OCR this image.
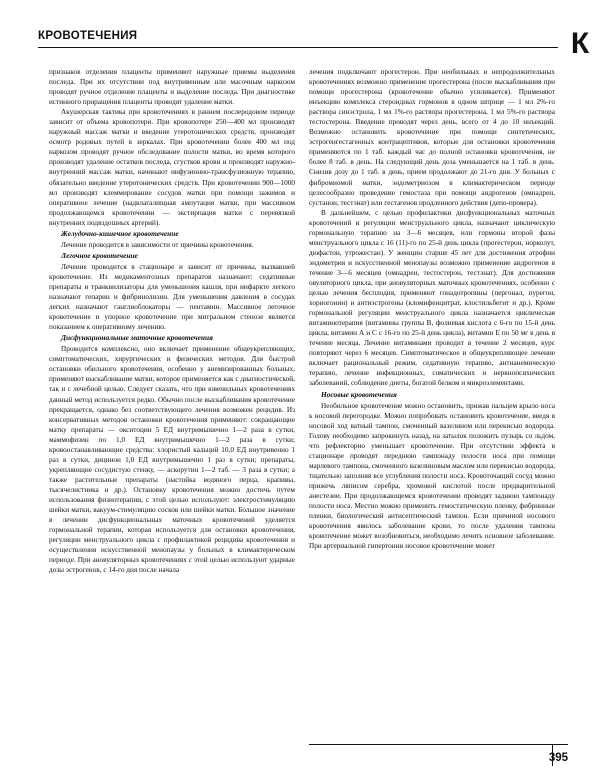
КРОВОТЕЧЕНИЯ	К

признаков отделения плаценты применяют наружные приемы выделения последа. При их отсутствии под внутривенным или масочным наркозом проводят ручное отделение плаценты и выделение последа. При диагностике истинного приращения плаценты проводят удаление матки.

Акушерская тактика при кровотечениях в раннем послеродовом периоде зависит от объема кровопотери. При кровопотере 250—400 мл производят наружный массаж матки и введение утеротонических средств, производят осмотр родовых путей в зеркалах. При кровотечении более 400 мл под наркозом проводят ручное обследование полости матки, во время которого производят удаление остатков последа, сгустков крови и производят наружно-внутренний массаж матки, начинают инфузионно-трансфузионную терапию, обязательно введение утеротонических средств. При кровотечении 900—1000 мл производят клеммирование сосудов матки при помощи зажимов и оперативное лечение (надвлагалищная ампутация матки, при массивном продолжающемся кровотечении — экстирпация матки с перевязкой внутренних подвздошных артерий).

Желудочно-кишечное кровотечение

Лечение проводится в зависимости от причины кровотечения.

Легочное кровотечение

Лечение проводится в стационаре и зависит от причины, вызвавшей кровотечение. Из медикаментозных препаратов назначают: седативные препараты и транквилизаторы для уменьшения кашля, при инфаркте легкого назначают гепарин и фибринолизин. Для уменьшения давления в сосудах легких назначают ганглиоблокаторы — пентамин. Массивное легочное кровотечение и упорное кровотечение при митральном стенозе является показанием к оперативному лечению.

Дисфункциональные маточные кровотечения

Проводится комплексно, оно включает применение общеукрепляющих, симптоматических, хирургических и физических методов. Для быстрой остановки обильного кровотечения, особенно у анемизированных больных, применяют выскабливание матки, которое применяется как с диагностической, так и с лечебной целью. Следует сказать, что при ювенильных кровотечениях данный метод используется редко. Обычно после выскабливания кровотечение прекращается, однако без соответствующего лечения возможен рецидив. Из консервативных методов остановки кровотечения применяют: сокращающие матку препараты — окситоцин 5 ЕД внутримышечно 1—2 раза в сутки, маммофизин по 1,0 ЕД внутримышечно 1—2 раза в сутки; кровоостанавливающие средства: хлористый кальций 10,0 ЕД внутривенно 1 раз в сутки, дицинон 1,0 ЕД внутримышечно 1 раз в сутки; препараты, укрепляющие сосудистую стенку, — аскорутин 1—2 таб. — 3 раза в сутки; а также растительные препараты (настойка водяного перца, крапивы, тысячелистника и др.). Остановку кровотечения можно достичь путем использования физиотерапии, с этой целью используют: электростимуляцию шейки матки, вакуум-стимуляцию сосков или шейки матки. Большое значение в лечении дисфункциональных маточных кровотечений уделяется гормональной терапии, которая используется для остановки кровотечения, регуляции менструального цикла с профилактикой рецидива кровотечения и осуществления искусственной менопаузы у больных в климактерическом периоде. При ановуляторных кровотечениях с этой целью используют ударные дозы эстрогенов, с 14-го дня после начала

лечения подключают прогестерон. При необильных и непродолжительных кровотечениях возможно применение прогестерона (после выскабливания при помощи прогестерона (кровотечение обычно усиливается). Применяют инъекцию комплекса стероидных гормонов в одном шприце — 1 мл 2%-го раствора синэстрола, 1 мл 1%-го раствора прогестерона, 1 мл 5%-го раствора тестостерона. Введение проводят через день, всего от 4 до 10 инъекций. Возможно остановить кровотечение при помощи синтетических, эстрогенгестагенных контрацептивов, которые для остановки кровотечения применяются по 1 таб. каждый час до полной остановки кровотечения, не более 8 таб. в день. На следующий день доза уменьшается на 1 таб. в день. Снизив дозу до 1 таб. в день, прием продолжают до 21-го дня. У больных с фибромиомой матки, эндометриозом в климактерическом периоде целесообразно проведение гемостаза при помощи андрогенов (омнадрен, сустанон, тестэнат) или гестагенов продленного действия (депо-провера).

В дальнейшем, с целью профилактики дисфункциональных маточных кровотечений и регуляции менструального цикла, назначают циклическую гормональную терапию на 3—6 месяцев, или гормоны второй фазы менструального цикла с 16 (11)-го по 25-й день цикла (прогестерон, норколут, дюфастон, утрожестан). У женщин старше 45 лет для достижения атрофии эндометрия и искусственной менопаузы возможно применение андрогенов в течение 3—6 месяцев (омнадрен, тестостерон, тестэнат). Для достижения овуляторного цикла, при ановуляторных маточных кровотечениях, особенно с целью лечения бесплодия, применяют гонадотропины (пергонал, пурегон, хориогонин) и антиэстрогены (кломифенцитрат, клостильбегит и др.). Кроме гормональной регуляции менструального цикла назначается циклическая витаминотерапия (витамины группы В, фолиевая кислота с 6-го по 15-й день цикла, витамин А и С с 16-го по 25-й день цикла), витамин Е по 50 мг в день в течение месяца. Лечение витаминами проводит в течение 2 месяцев, курс повторяют через 6 месяцев. Симптоматическое и общеукрепляющее лечение включает рациональный режим, седативную терапию, антианемическую терапию, лечение инфекционных, соматических и нервнопсихических заболеваний, соблюдение диеты, богатой белком и микроэлементами.

Носовые кровотечения

Необильное кровотечение можно остановить, прижав пальцем крыло носа к носовой перегородке. Можно попробовать остановить кровотечение, введя в носовой ход ватный тампон, смоченный вазелином или перекисью водорода. Голову необходимо запрокинуть назад, на затылок положить пузырь со льдом, что рефлекторно уменьшает кровотечение. При отсутствии эффекта в стационаре проводят переднюю тампонаду полости носа при помощи марлевого тампона, смоченного вазелиновым маслом или перекисью водорода, тщательно заполняя все углубления полости носа. Кровоточащий сосуд можно прижечь ляписом серебра, хромовой кислотой после предварительной анестезии. При продолжающемся кровотечении проводят заднюю тампонаду полости носа. Местно можно применить гемостатическую пленку, фибринные пленки, биологический антисептический тампон. Если причиной носового кровотечения явилось заболевание крови, то после удаления тампона кровотечение может возобновиться, необходимо лечить основное заболевание. При артериальной гипертонии носовое кровотечение может

395
